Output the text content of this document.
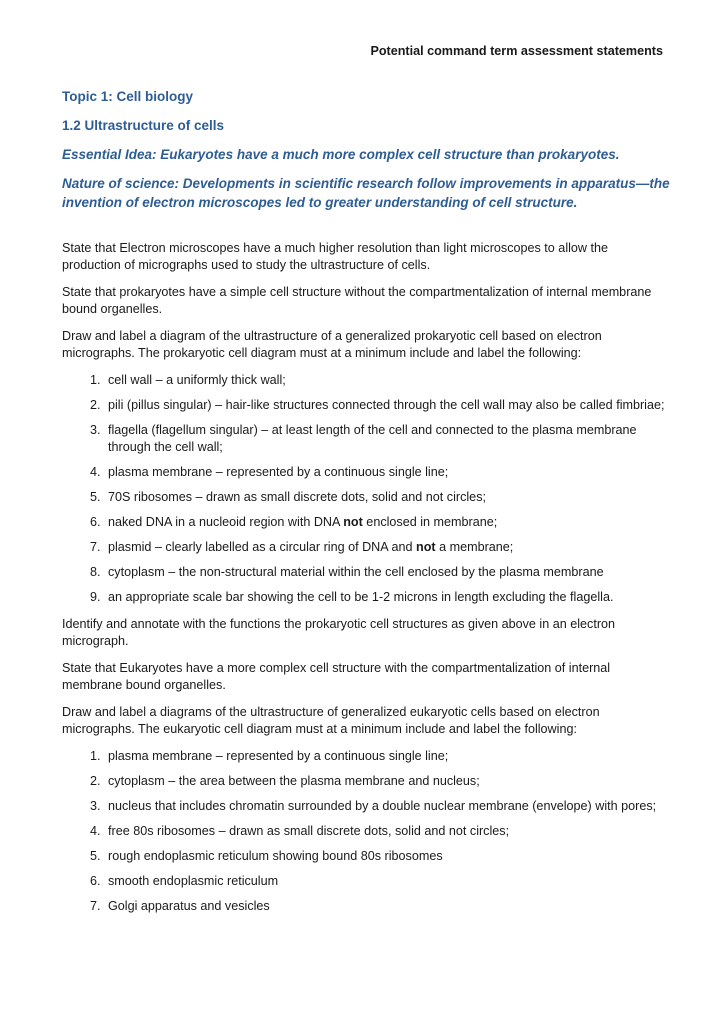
Potential command term assessment statements
Topic 1: Cell biology
1.2 Ultrastructure of cells
Essential Idea: Eukaryotes have a much more complex cell structure than prokaryotes.
Nature of science: Developments in scientific research follow improvements in apparatus—the invention of electron microscopes led to greater understanding of cell structure.

State that Electron microscopes have a much higher resolution than light microscopes to allow the production of micrographs used to study the ultrastructure of cells.

State that prokaryotes have a simple cell structure without the compartmentalization of internal membrane bound organelles.

Draw and label a diagram of the ultrastructure of a generalized prokaryotic cell based on electron micrographs. The prokaryotic cell diagram must at a minimum include and label the following:

1. cell wall – a uniformly thick wall;
2. pili (pillus singular) – hair-like structures connected through the cell wall may also be called fimbriae;
3. flagella (flagellum singular) – at least length of the cell and connected to the plasma membrane through the cell wall;
4. plasma membrane – represented by a continuous single line;
5. 70S ribosomes – drawn as small discrete dots, solid and not circles;
6. naked DNA in a nucleoid region with DNA not enclosed in membrane;
7. plasmid – clearly labelled as a circular ring of DNA and not a membrane;
8. cytoplasm – the non-structural material within the cell enclosed by the plasma membrane
9. an appropriate scale bar showing the cell to be 1-2 microns in length excluding the flagella.

Identify and annotate with the functions the prokaryotic cell structures as given above in an electron micrograph.

State that Eukaryotes have a more complex cell structure with the compartmentalization of internal membrane bound organelles.

Draw and label a diagrams of the ultrastructure of generalized eukaryotic cells based on electron micrographs. The eukaryotic cell diagram must at a minimum include and label the following:

1. plasma membrane – represented by a continuous single line;
2. cytoplasm – the area between the plasma membrane and nucleus;
3. nucleus that includes chromatin surrounded by a double nuclear membrane (envelope) with pores;
4. free 80s ribosomes – drawn as small discrete dots, solid and not circles;
5. rough endoplasmic reticulum showing bound 80s ribosomes
6. smooth endoplasmic reticulum
7. Golgi apparatus and vesicles
